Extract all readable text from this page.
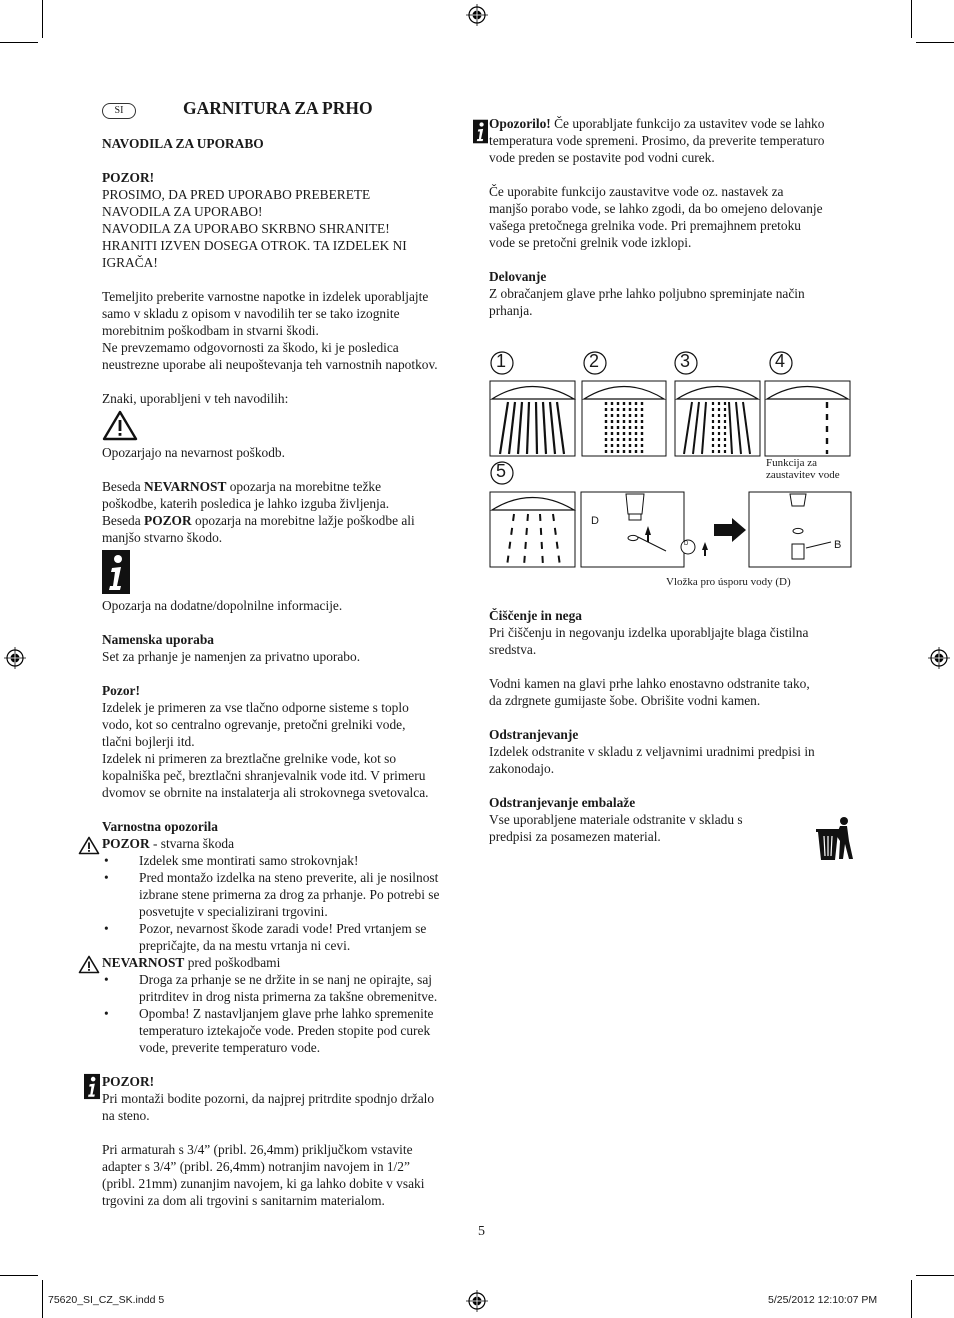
SI	GARNITURA ZA PRHO

NAVODILA ZA UPORABO

POZOR!

PROSIMO, DA PRED UPORABO PREBERETE

NAVODILA ZA UPORABO!

NAVODILA ZA UPORABO SKRBNO SHRANITE!

HRANITI IZVEN DOSEGA OTROK. TA IZDELEK NI

IGRAČA!

Temeljito preberite varnostne napotke in izdelek uporabljajte

samo v skladu z opisom v navodilih ter se tako izognite

morebitnim poškodbam in stvarni škodi.

Ne prevzemamo odgovornosti za škodo, ki je posledica

neustrezne uporabe ali neupoštevanja teh varnostnih napotkov.

Znaki, uporabljeni v teh navodilih:

Opozarjajo na nevarnost poškodb.

Beseda NEVARNOST opozarja na morebitne težke

poškodbe, katerih posledica je lahko izguba življenja.

Beseda POZOR opozarja na morebitne lažje poškodbe ali

manjšo stvarno škodo.

Opozarja na dodatne/dopolnilne informacije.

Namenska uporaba

Set za prhanje je namenjen za privatno uporabo.

Pozor!

Izdelek je primeren za vse tlačno odporne sisteme s toplo

vodo, kot so centralno ogrevanje, pretočni grelniki vode,

tlačni bojlerji itd.

Izdelek ni primeren za breztlačne grelnike vode, kot so

kopalniška peč, breztlačni shranjevalnik vode itd. V primeru

dvomov se obrnite na instalaterja ali strokovnega svetovalca.

Varnostna opozorila

POZOR - stvarna škoda

• Izdelek sme montirati samo strokovnjak!

• Pred montažo izdelka na steno preverite, ali je nosilnost

izbrane stene primerna za drog za prhanje. Po potrebi se

posvetujte v specializirani trgovini.

• Pozor, nevarnost škode zaradi vode! Pred vrtanjem se

prepričajte, da na mestu vrtanja ni cevi.

NEVARNOST pred poškodbami

• Droga za prhanje se ne držite in se nanj ne opirajte, saj

pritrditev in drog nista primerna za takšne obremenitve.

• Opomba! Z nastavljanjem glave prhe lahko spremenite

temperaturo iztekajoče vode. Preden stopite pod curek

vode, preverite temperaturo vode.

POZOR!

Pri montaži bodite pozorni, da najprej pritrdite spodnjo držalo

na steno.

Pri armaturah s 3/4” (pribl. 26,4mm) priključkom vstavite

adapter s 3/4” (pribl. 26,4mm) notranjim navojem in 1/2”

(pribl. 21mm) zunanjim navojem, ki ga lahko dobite v vsaki

trgovini za dom ali trgovini s sanitarnim materialom.

Opozorilo! Če uporabljate funkcijo za ustavitev vode se lahko

temperatura vode spremeni. Prosimo, da preverite temperaturo

vode preden se postavite pod vodni curek.

Če uporabite funkcijo zaustavitve vode oz. nastavek za

manjšo porabo vode, se lahko zgodi, da bo omejeno delovanje

vašega pretočnega grelnika vode. Pri premajhnem pretoku

vode se pretočni grelnik vode izklopi.

Delovanje

Z obračanjem glave prhe lahko poljubno spreminjate način

prhanja.

1	2	3	4
5	Funkcija za
zaustavitev vode
D
D	B
Vložka pro úsporu vody (D)

Čiščenje in nega

Pri čiščenju in negovanju izdelka uporabljajte blaga čistilna

sredstva.

Vodni kamen na glavi prhe lahko enostavno odstranite tako,

da zdrgnete gumijaste šobe. Obrišite vodni kamen.

Odstranjevanje

Izdelek odstranite v skladu z veljavnimi uradnimi predpisi in

zakonodajo.

Odstranjevanje embalaže

Vse uporabljene materiale odstranite v skladu s

predpisi za posamezen material.

5
75620_SI_CZ_SK.indd 5	5/25/2012 12:10:07 PM
